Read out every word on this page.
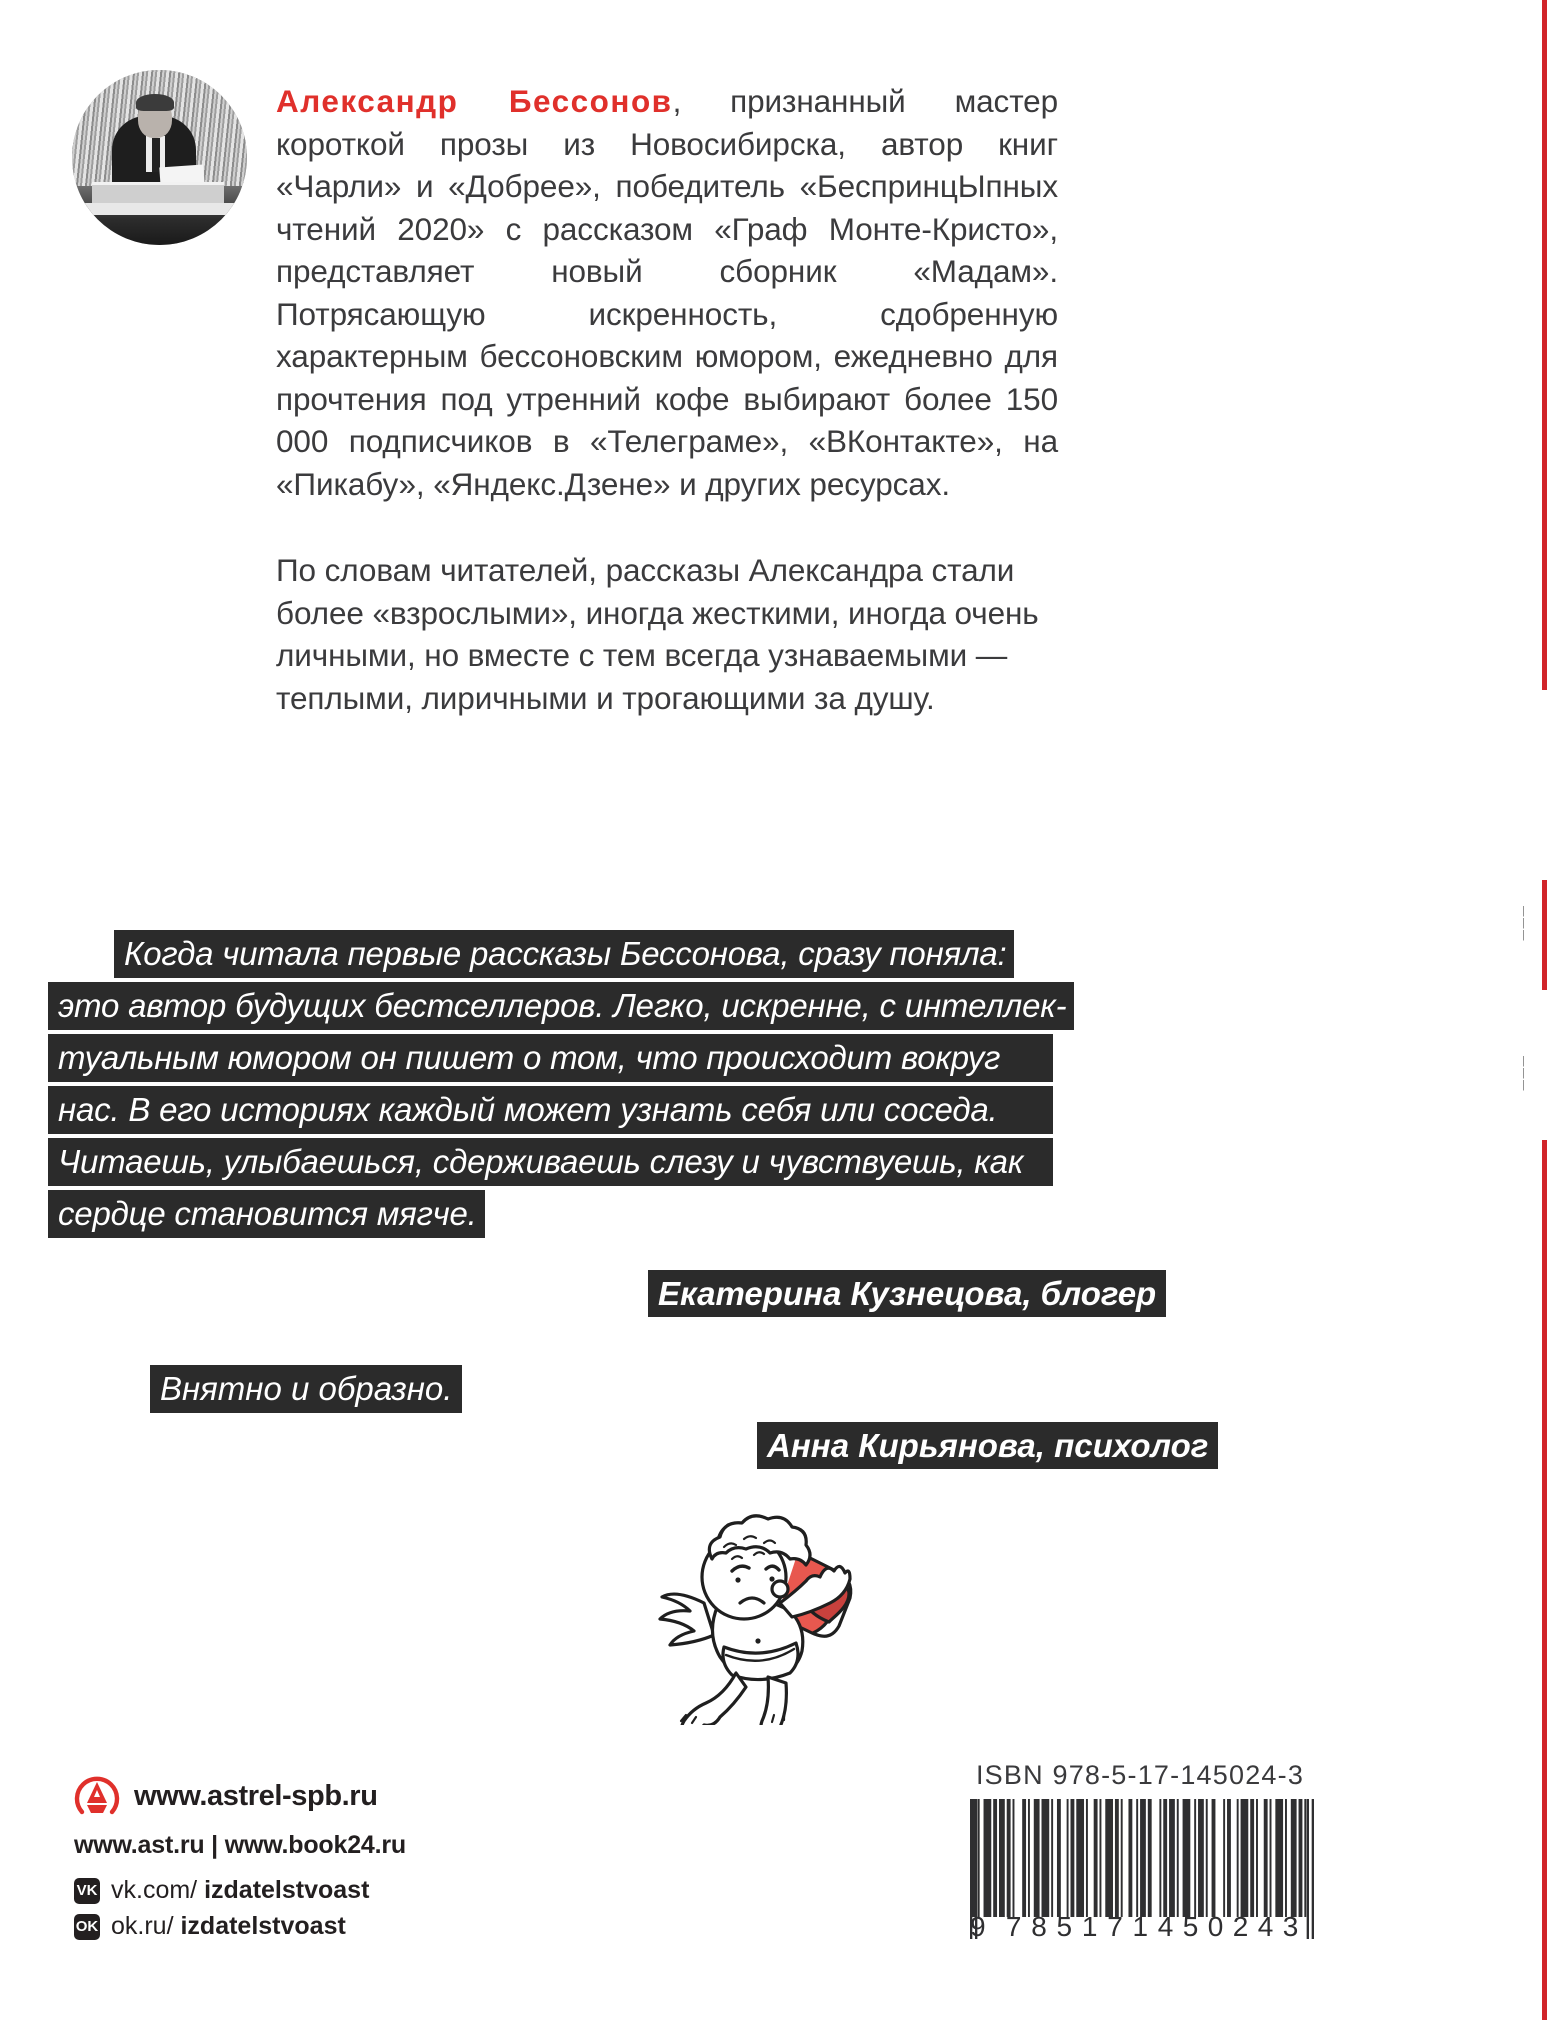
|
|
|
|
|
|

Александр Бессонов, признанный мастер короткой прозы из Новосибирска, автор книг «Чарли» и «Добрее», победитель «БеспринцЫпных чтений 2020» с рассказом «Граф Монте-Кристо», представляет новый сборник «Мадам». Потрясающую искренность, сдобренную характерным бессоновским юмором, ежедневно для прочтения под утренний кофе выбирают более 150 000 подписчиков в «Телеграме», «ВКонтакте», на «Пикабу», «Яндекс.Дзене» и других ресурсах.

По словам читателей, рассказы Александра стали более «взрослыми», иногда жесткими, иногда очень личными, но вместе с тем всегда узнаваемыми — теплыми, лиричными и трогающими за душу.

Когда читала первые рассказы Бессонова, сразу поняла:
это автор будущих бестселлеров. Легко, искренне, с интеллек-
туальным юмором он пишет о том, что происходит вокруг
нас. В его историях каждый может узнать себя или соседа.
Читаешь, улыбаешься, сдерживаешь слезу и чувствуешь, как
сердце становится мягче.
Екатерина Кузнецова, блогер
Внятно и образно.
Анна Кирьянова, психолог
www.astrel-spb.ru
www.ast.ru | www.book24.ru
VK vk.com/ izdatelstvoast
OK ok.ru/ izdatelstvoast
ISBN 978-5-17-145024-3
9 7 8 5 1 7 1 4 5 0 2 4 3
